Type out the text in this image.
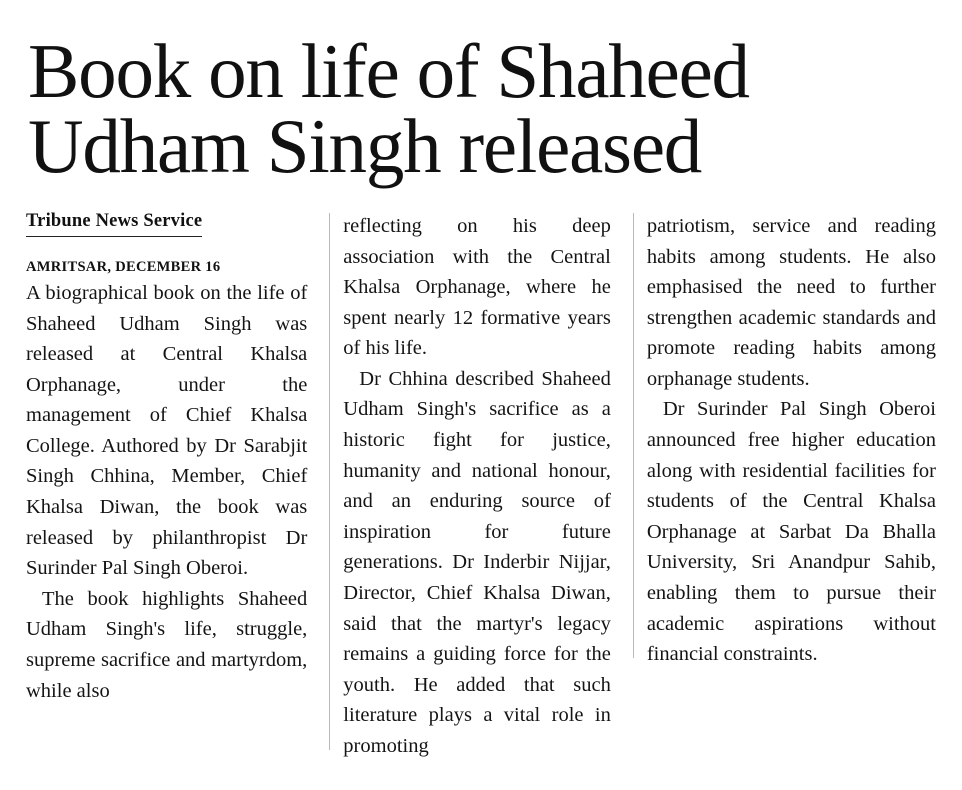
Book on life of Shaheed
Udham Singh released
Tribune News Service
AMRITSAR, DECEMBER 16

A biographical book on the life of Shaheed Udham Singh was released at Central Khalsa Orphanage, under the management of Chief Khalsa College. Authored by Dr Sarabjit Singh Chhina, Member, Chief Khalsa Diwan, the book was released by philanthropist Dr Surinder Pal Singh Oberoi.

The book highlights Shaheed Udham Singh's life, struggle, supreme sacrifice and martyrdom, while also

reflecting on his deep association with the Central Khalsa Orphanage, where he spent nearly 12 formative years of his life.

Dr Chhina described Shaheed Udham Singh's sacrifice as a historic fight for justice, humanity and national honour, and an enduring source of inspiration for future generations. Dr Inderbir Nijjar, Director, Chief Khalsa Diwan, said that the martyr's legacy remains a guiding force for the youth. He added that such literature plays a vital role in promoting

patriotism, service and reading habits among students. He also emphasised the need to further strengthen academic standards and promote reading habits among orphanage students.

Dr Surinder Pal Singh Oberoi announced free higher education along with residential facilities for students of the Central Khalsa Orphanage at Sarbat Da Bhalla University, Sri Anandpur Sahib, enabling them to pursue their academic aspirations without financial constraints.
